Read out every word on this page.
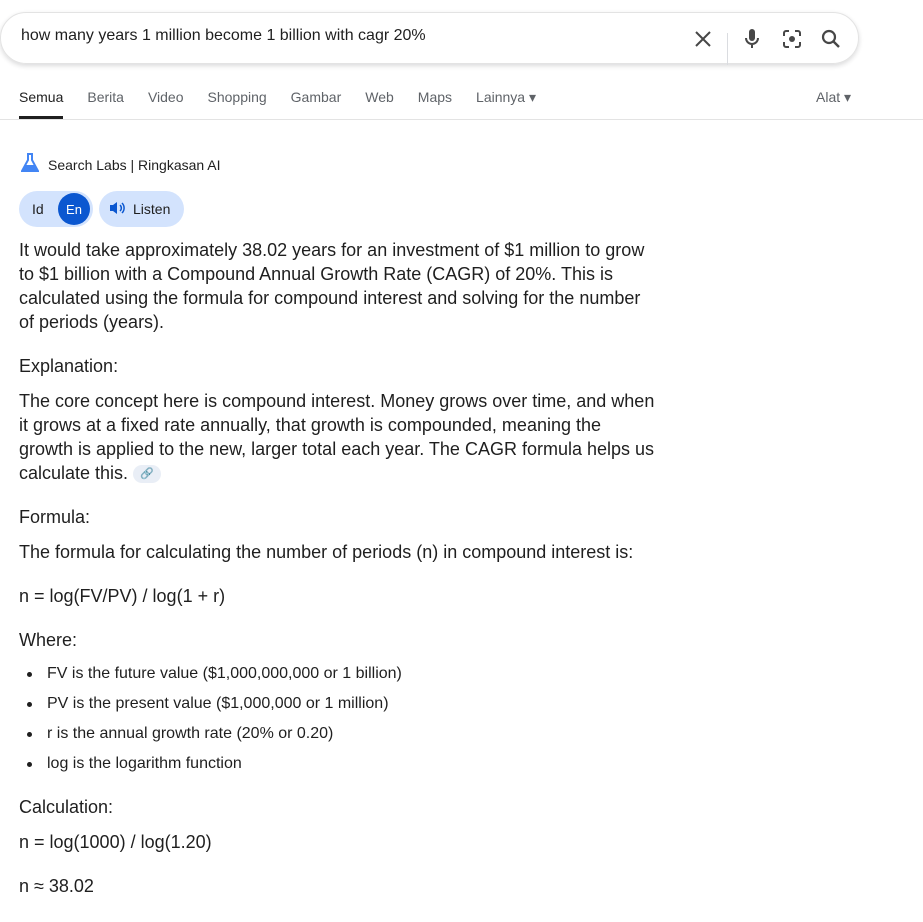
how many years 1 million become 1 billion with cagr 20%
Semua Berita Video Shopping Gambar Web Maps Lainnya ▾	Alat ▾
Search Labs | Ringkasan AI
Id	En	Listen

It would take approximately 38.02 years for an investment of $1 million to grow to $1 billion with a Compound Annual Growth Rate (CAGR) of 20%. This is calculated using the formula for compound interest and solving for the number of periods (years).

Explanation:

The core concept here is compound interest. Money grows over time, and when it grows at a fixed rate annually, that growth is compounded, meaning the growth is applied to the new, larger total each year. The CAGR formula helps us calculate this. 🔗

Formula:

The formula for calculating the number of periods (n) in compound interest is:

n = log(FV/PV) / log(1 + r)

Where:
FV is the future value ($1,000,000,000 or 1 billion)
PV is the present value ($1,000,000 or 1 million)
r is the annual growth rate (20% or 0.20)
log is the logarithm function
Calculation:

n = log(1000) / log(1.20)

n ≈ 38.02
